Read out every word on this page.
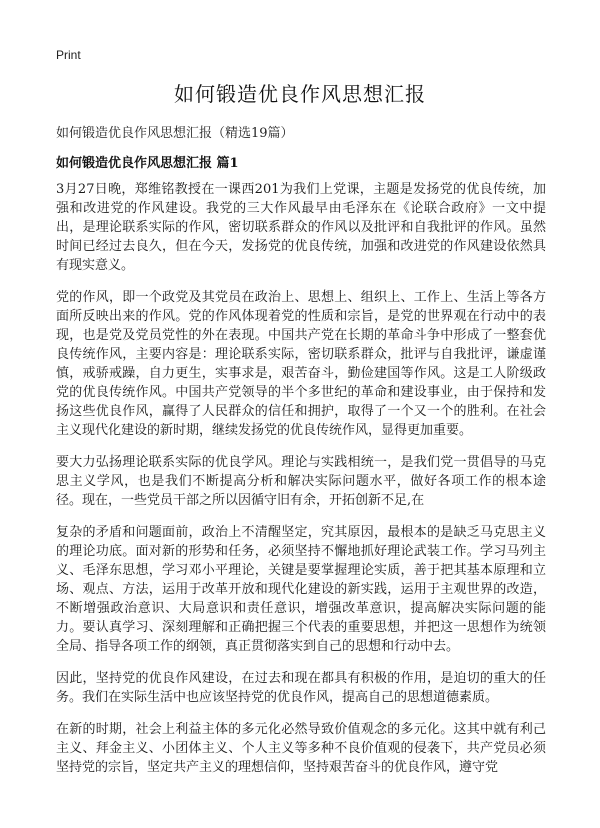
Print
如何锻造优良作风思想汇报
如何锻造优良作风思想汇报（精选19篇）
如何锻造优良作风思想汇报 篇1

3月27日晚，郑维铭教授在一课西201为我们上党课，主题是发扬党的优良传统，加强和改进党的作风建设。我党的三大作风最早由毛泽东在《论联合政府》一文中提出，是理论联系实际的作风，密切联系群众的作风以及批评和自我批评的作风。虽然时间已经过去良久，但在今天，发扬党的优良传统，加强和改进党的作风建设依然具有现实意义。

党的作风，即一个政党及其党员在政治上、思想上、组织上、工作上、生活上等各方面所反映出来的作风。党的作风体现着党的性质和宗旨，是党的世界观在行动中的表现，也是党及党员党性的外在表现。中国共产党在长期的革命斗争中形成了一整套优良传统作风，主要内容是：理论联系实际，密切联系群众，批评与自我批评，谦虚谨慎，戒骄戒躁，自力更生，实事求是，艰苦奋斗，勤俭建国等作风。这是工人阶级政党的优良传统作风。中国共产党领导的半个多世纪的革命和建设事业，由于保持和发扬这些优良作风，赢得了人民群众的信任和拥护，取得了一个又一个的胜利。在社会主义现代化建设的新时期，继续发扬党的优良传统作风，显得更加重要。

要大力弘扬理论联系实际的优良学风。理论与实践相统一，是我们党一贯倡导的马克思主义学风，也是我们不断提高分析和解决实际问题水平，做好各项工作的根本途径。现在，一些党员干部之所以因循守旧有余，开拓创新不足,在

复杂的矛盾和问题面前，政治上不清醒坚定，究其原因，最根本的是缺乏马克思主义的理论功底。面对新的形势和任务，必须坚持不懈地抓好理论武装工作。学习马列主义、毛泽东思想，学习邓小平理论，关键是要掌握理论实质，善于把其基本原理和立场、观点、方法，运用于改革开放和现代化建设的新实践，运用于主观世界的改造，不断增强政治意识、大局意识和责任意识，增强改革意识，提高解决实际问题的能力。要认真学习、深刻理解和正确把握三个代表的重要思想，并把这一思想作为统领全局、指导各项工作的纲领，真正贯彻落实到自己的思想和行动中去。

因此，坚持党的优良作风建设，在过去和现在都具有积极的作用，是迫切的重大的任务。我们在实际生活中也应该坚持党的优良作风，提高自己的思想道德素质。

在新的时期，社会上利益主体的多元化必然导致价值观念的多元化。这其中就有利己主义、拜金主义、小团体主义、个人主义等多种不良价值观的侵袭下，共产党员必须坚持党的宗旨，坚定共产主义的理想信仰，坚持艰苦奋斗的优良作风，遵守党
